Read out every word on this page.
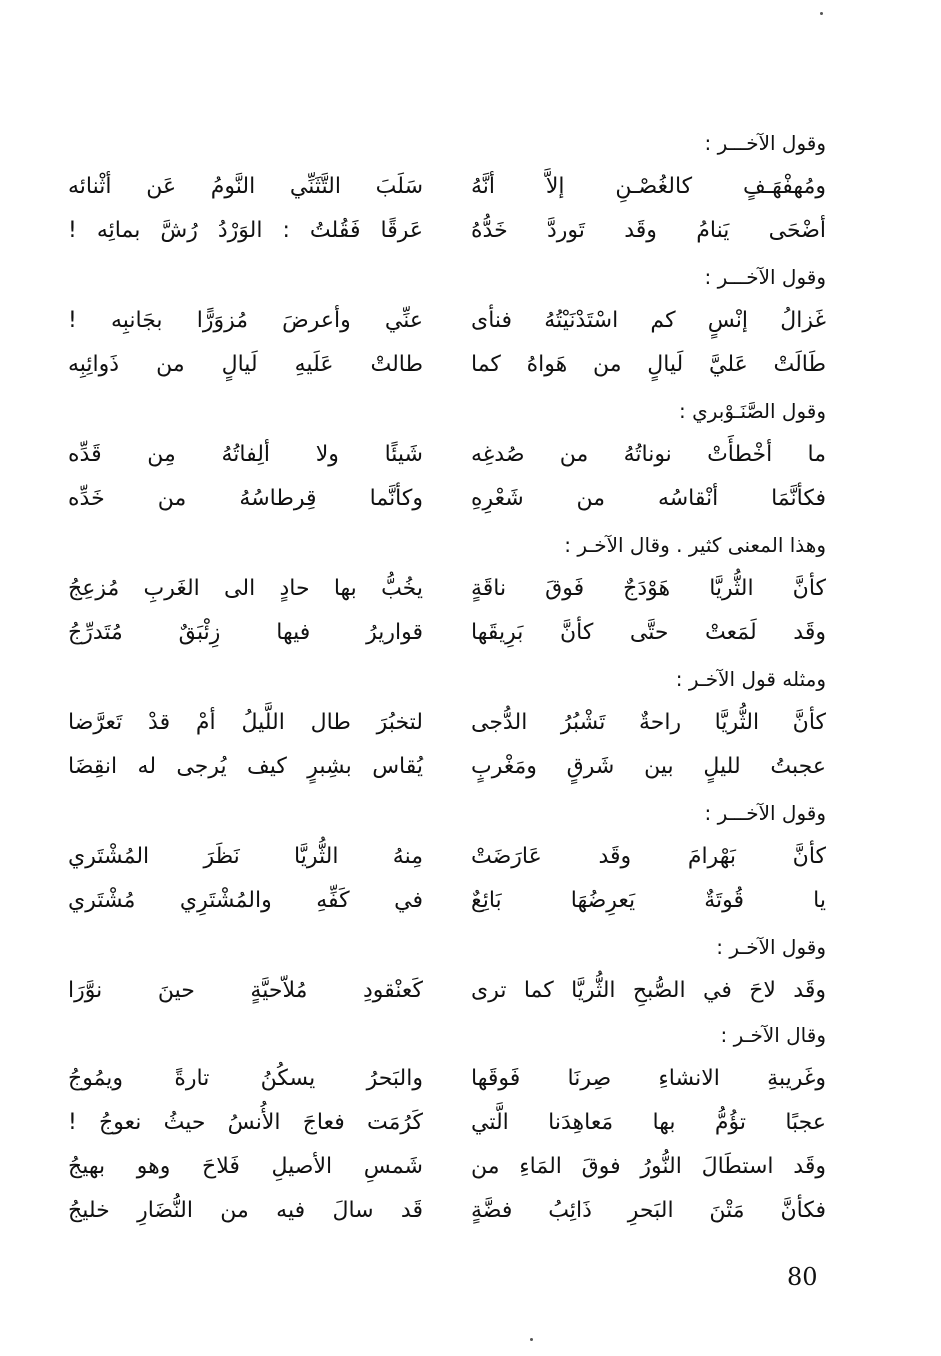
وقول الآخـــر :
ومُهفْهَـفٍ كالغُصْـنِ إلاَّ أنَّهُ
سَلَبَ التَّثَنِّي النَّومُ عَن أثْنائه
أضْحَى يَنامُ وقَد تَوردَّ خَدُّهُ
عَرقًا فَقُلتُ : الوَرْدُ رُشَّ بمائِه !
وقول الآخـــر :
غَزالُ إنْسٍ كم اسْتَدْنَيْتُهُ فنأى
عنِّي وأعرضَ مُزوَرًّا بجَانبِه !
طَالَتْ عَليَّ لَيالٍ من هَواهُ كما
طالتْ عَلَيهِ لَيالٍ من ذَوائِبِه
وقول الصَّنَـوْبري :
ما أخْطأَتْ نوناتُهُ من صُدغِه
شَيئًا ولا ألِفاتُهُ مِن قَدِّه
فكأنَّمَا أنْقاسُه من شَعْرِهِ
وكأنَّما قِرطاسُهُ من خَدِّه
وهذا المعنى كثير . وقال الآخـر :
كأنَّ الثُّريَّا هَوْدَجٌ فَوقَ ناقَةٍ
يخُبُّ بها حادٍ الى الغَربِ مُزعِجُ
وقَد لَمَعتْ حتَّى كأنَّ بَرِيقَها
قواريرُ فيها زِئْبَقٌ مُتَدرِّجُ
ومثله قول الآخـر :
كأنَّ الثُّريَّا راحةٌ تَشْبُرُ الدُّجى
لتخبُرَ طال اللَّيلُ أمْ قدْ تَعرَّضا
عجبتُ لليلٍ بين شَرقٍ ومَغْربٍ
يُقاس بشِبرٍ كيف يُرجى له انقِضَا
وقول الآخـــر :
كأنَّ بَهْرامَ وقَد عَارَضَتْ
مِنهُ الثُّريَّا نَظَرَ المُشْتَري
يا قُوتَةٌ يَعرِضُهَا بَائِعٌ
في كَفِّهِ والمُشْتَرِي مُشْتَري
وقول الآخـر :
وقَد لاحَ في الصُّبحِ الثُّريَّا كما ترى
كَعنْقودِ مُلاّحيَّةٍ حينَ نوَّرَا
وقال الآخـر :
وغَريبةِ الانشاءِ صِرنَا فَوقَها
والبَحرُ يسكُنُ تارةً ويمُوجُ
عجبًا تؤُمُّ بها مَعاهِدَنا الَّتي
كَرُمَت فعاجَ الأُنسُ حيثُ نعوجُ !
وقَد استطَالَ النُّورُ فوقَ المَاءِ من
شَمسِ الأصيلِ فَلاحَ وهو بهيجُ
فكأنَّ مَتْنَ البَحرِ ذَائِبُ فضَّةٍ
قَد سالَ فيه من النُّضَارِ خليجُ
80
